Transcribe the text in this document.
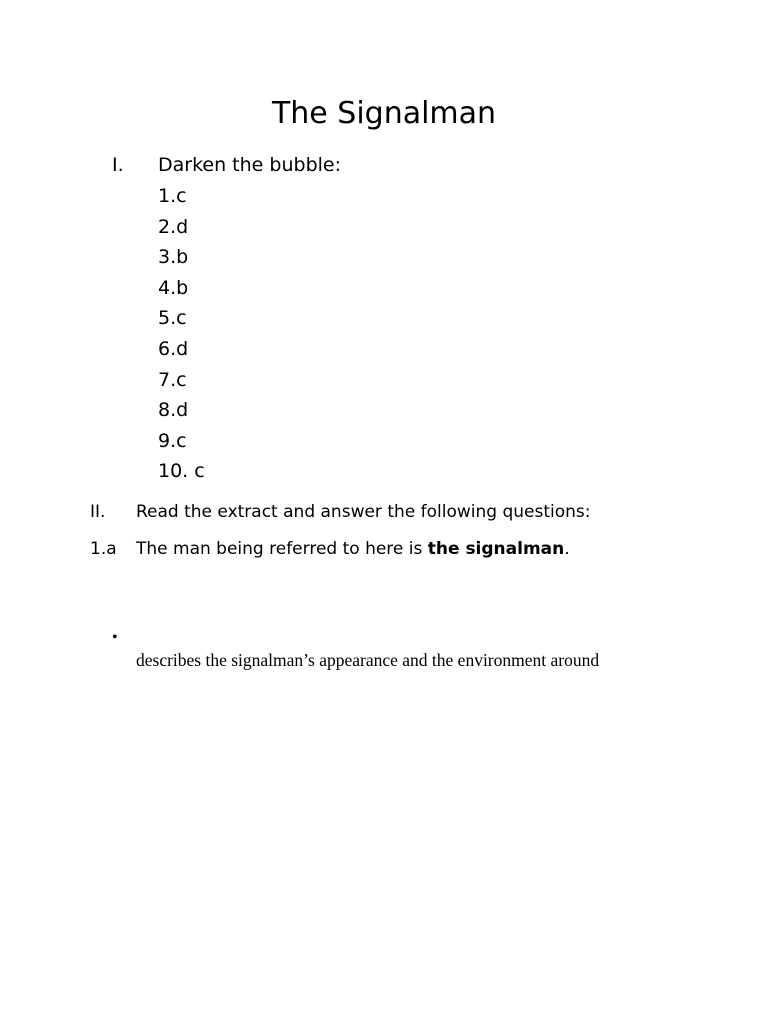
The Signalman
I. Darken the bubble:
1.c
2.d
3.b
4.b
5.c
6.d
7.c
8.d
9.c
10. c
II. Read the extract and answer the following questions:
1.a The man being referred to here is the signalman.
•
describes the signalman’s appearance and the environment around
